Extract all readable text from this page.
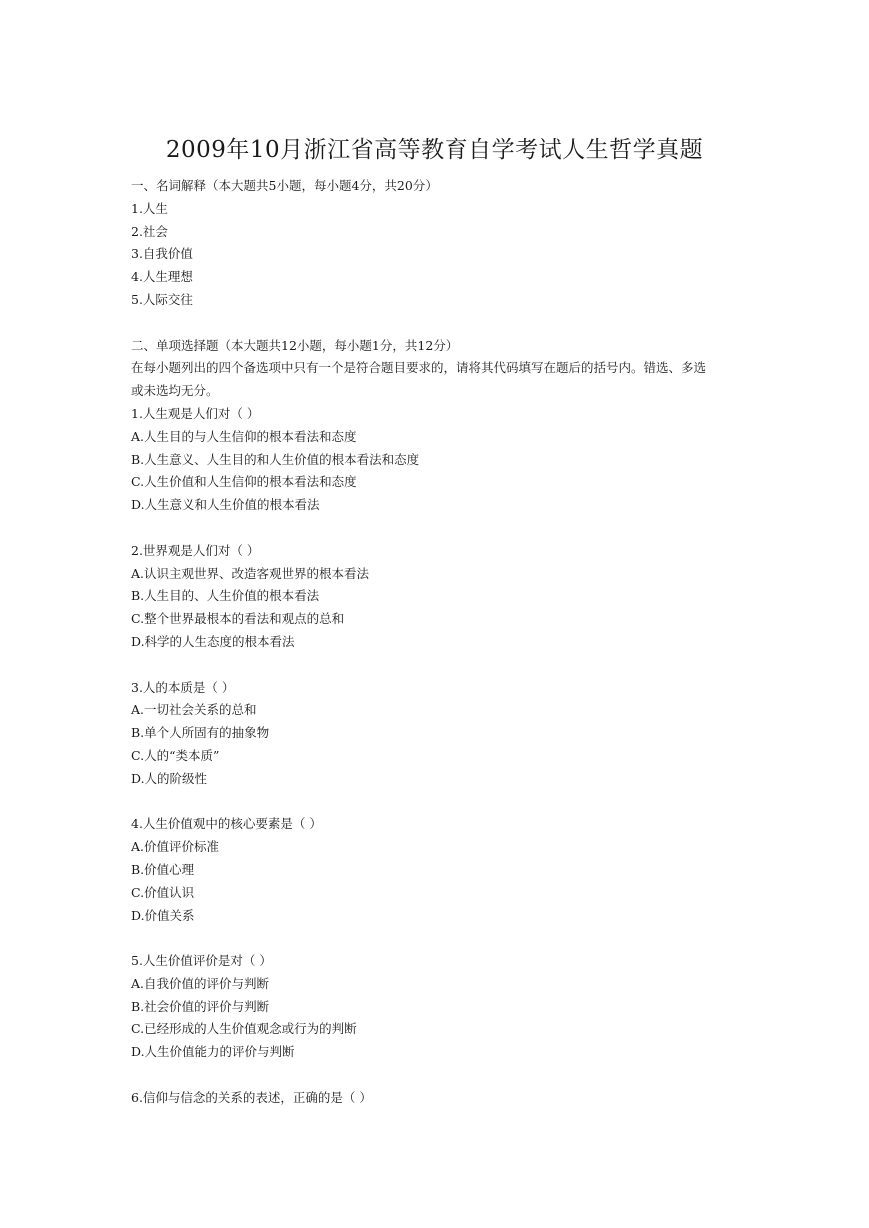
2009年10月浙江省高等教育自学考试人生哲学真题
一、名词解释（本大题共5小题，每小题4分，共20分）
1.人生
2.社会
3.自我价值
4.人生理想
5.人际交往
二、单项选择题（本大题共12小题，每小题1分，共12分）
在每小题列出的四个备选项中只有一个是符合题目要求的，请将其代码填写在题后的括号内。错选、多选
或未选均无分。
1.人生观是人们对（ ）
A.人生目的与人生信仰的根本看法和态度
B.人生意义、人生目的和人生价值的根本看法和态度
C.人生价值和人生信仰的根本看法和态度
D.人生意义和人生价值的根本看法
2.世界观是人们对（ ）
A.认识主观世界、改造客观世界的根本看法
B.人生目的、人生价值的根本看法
C.整个世界最根本的看法和观点的总和
D.科学的人生态度的根本看法
3.人的本质是（ ）
A.一切社会关系的总和
B.单个人所固有的抽象物
C.人的“类本质”
D.人的阶级性
4.人生价值观中的核心要素是（ ）
A.价值评价标准
B.价值心理
C.价值认识
D.价值关系
5.人生价值评价是对（ ）
A.自我价值的评价与判断
B.社会价值的评价与判断
C.已经形成的人生价值观念或行为的判断
D.人生价值能力的评价与判断
6.信仰与信念的关系的表述，正确的是（ ）
